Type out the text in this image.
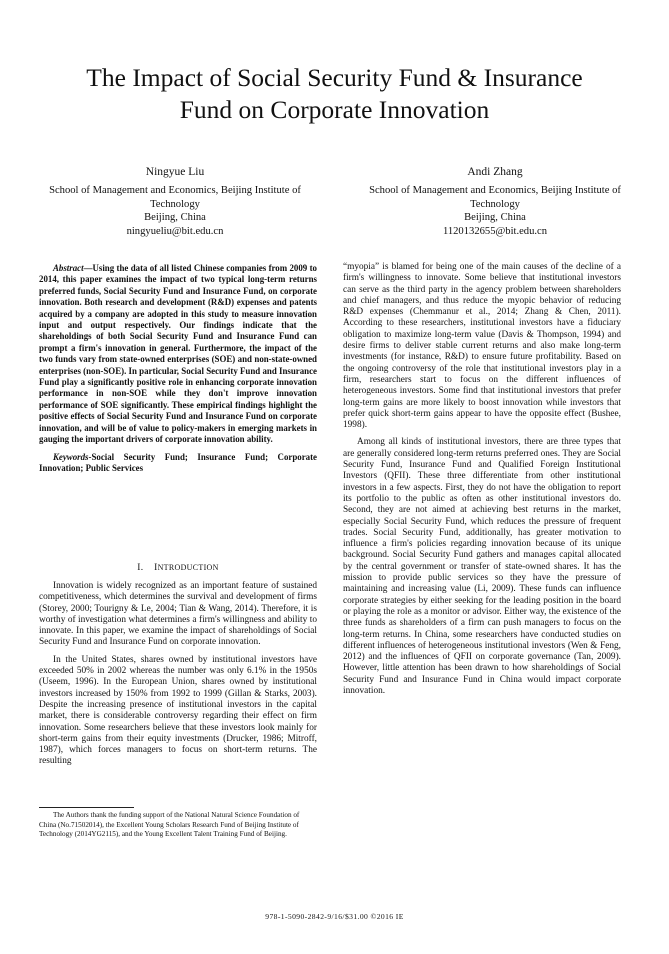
The Impact of Social Security Fund & Insurance
Fund on Corporate Innovation
Ningyue Liu
School of Management and Economics, Beijing Institute of
Technology
Beijing, China
ningyueliu@bit.edu.cn
Andi Zhang
School of Management and Economics, Beijing Institute of
Technology
Beijing, China
1120132655@bit.edu.cn

Abstract—Using the data of all listed Chinese companies from 2009 to 2014, this paper examines the impact of two typical long-term returns preferred funds, Social Security Fund and Insurance Fund, on corporate innovation. Both research and development (R&D) expenses and patents acquired by a company are adopted in this study to measure innovation input and output respectively. Our findings indicate that the shareholdings of both Social Security Fund and Insurance Fund can prompt a firm's innovation in general. Furthermore, the impact of the two funds vary from state-owned enterprises (SOE) and non-state-owned enterprises (non-SOE). In particular, Social Security Fund and Insurance Fund play a significantly positive role in enhancing corporate innovation performance in non-SOE while they don't improve innovation performance of SOE significantly. These empirical findings highlight the positive effects of Social Security Fund and Insurance Fund on corporate innovation, and will be of value to policy-makers in emerging markets in gauging the important drivers of corporate innovation ability.

Keywords-Social Security Fund; Insurance Fund; Corporate Innovation; Public Services

I. INTRODUCTION

Innovation is widely recognized as an important feature of sustained competitiveness, which determines the survival and development of firms (Storey, 2000; Tourigny & Le, 2004; Tian & Wang, 2014). Therefore, it is worthy of investigation what determines a firm's willingness and ability to innovate. In this paper, we examine the impact of shareholdings of Social Security Fund and Insurance Fund on corporate innovation.

In the United States, shares owned by institutional investors have exceeded 50% in 2002 whereas the number was only 6.1% in the 1950s (Useem, 1996). In the European Union, shares owned by institutional investors increased by 150% from 1992 to 1999 (Gillan & Starks, 2003). Despite the increasing presence of institutional investors in the capital market, there is considerable controversy regarding their effect on firm innovation. Some researchers believe that these investors look mainly for short-term gains from their equity investments (Drucker, 1986; Mitroff, 1987), which forces managers to focus on short-term returns. The resulting

The Authors thank the funding support of the National Natural Science Foundation of China (No.71502014), the Excellent Young Scholars Research Fund of Beijing Institute of Technology (2014YG2115), and the Young Excellent Talent Training Fund of Beijing.

“myopia” is blamed for being one of the main causes of the decline of a firm's willingness to innovate. Some believe that institutional investors can serve as the third party in the agency problem between shareholders and chief managers, and thus reduce the myopic behavior of reducing R&D expenses (Chemmanur et al., 2014; Zhang & Chen, 2011). According to these researchers, institutional investors have a fiduciary obligation to maximize long-term value (Davis & Thompson, 1994) and desire firms to deliver stable current returns and also make long-term investments (for instance, R&D) to ensure future profitability. Based on the ongoing controversy of the role that institutional investors play in a firm, researchers start to focus on the different influences of heterogeneous investors. Some find that institutional investors that prefer long-term gains are more likely to boost innovation while investors that prefer quick short-term gains appear to have the opposite effect (Bushee, 1998).

Among all kinds of institutional investors, there are three types that are generally considered long-term returns preferred ones. They are Social Security Fund, Insurance Fund and Qualified Foreign Institutional Investors (QFII). These three differentiate from other institutional investors in a few aspects. First, they do not have the obligation to report its portfolio to the public as often as other institutional investors do. Second, they are not aimed at achieving best returns in the market, especially Social Security Fund, which reduces the pressure of frequent trades. Social Security Fund, additionally, has greater motivation to influence a firm's policies regarding innovation because of its unique background. Social Security Fund gathers and manages capital allocated by the central government or transfer of state-owned shares. It has the mission to provide public services so they have the pressure of maintaining and increasing value (Li, 2009). These funds can influence corporate strategies by either seeking for the leading position in the board or playing the role as a monitor or advisor. Either way, the existence of the three funds as shareholders of a firm can push managers to focus on the long-term returns. In China, some researchers have conducted studies on different influences of heterogeneous institutional investors (Wen & Feng, 2012) and the influences of QFII on corporate governance (Tan, 2009). However, little attention has been drawn to how shareholdings of Social Security Fund and Insurance Fund in China would impact corporate innovation.

978-1-5090-2842-9/16/$31.00 ©2016 IE
